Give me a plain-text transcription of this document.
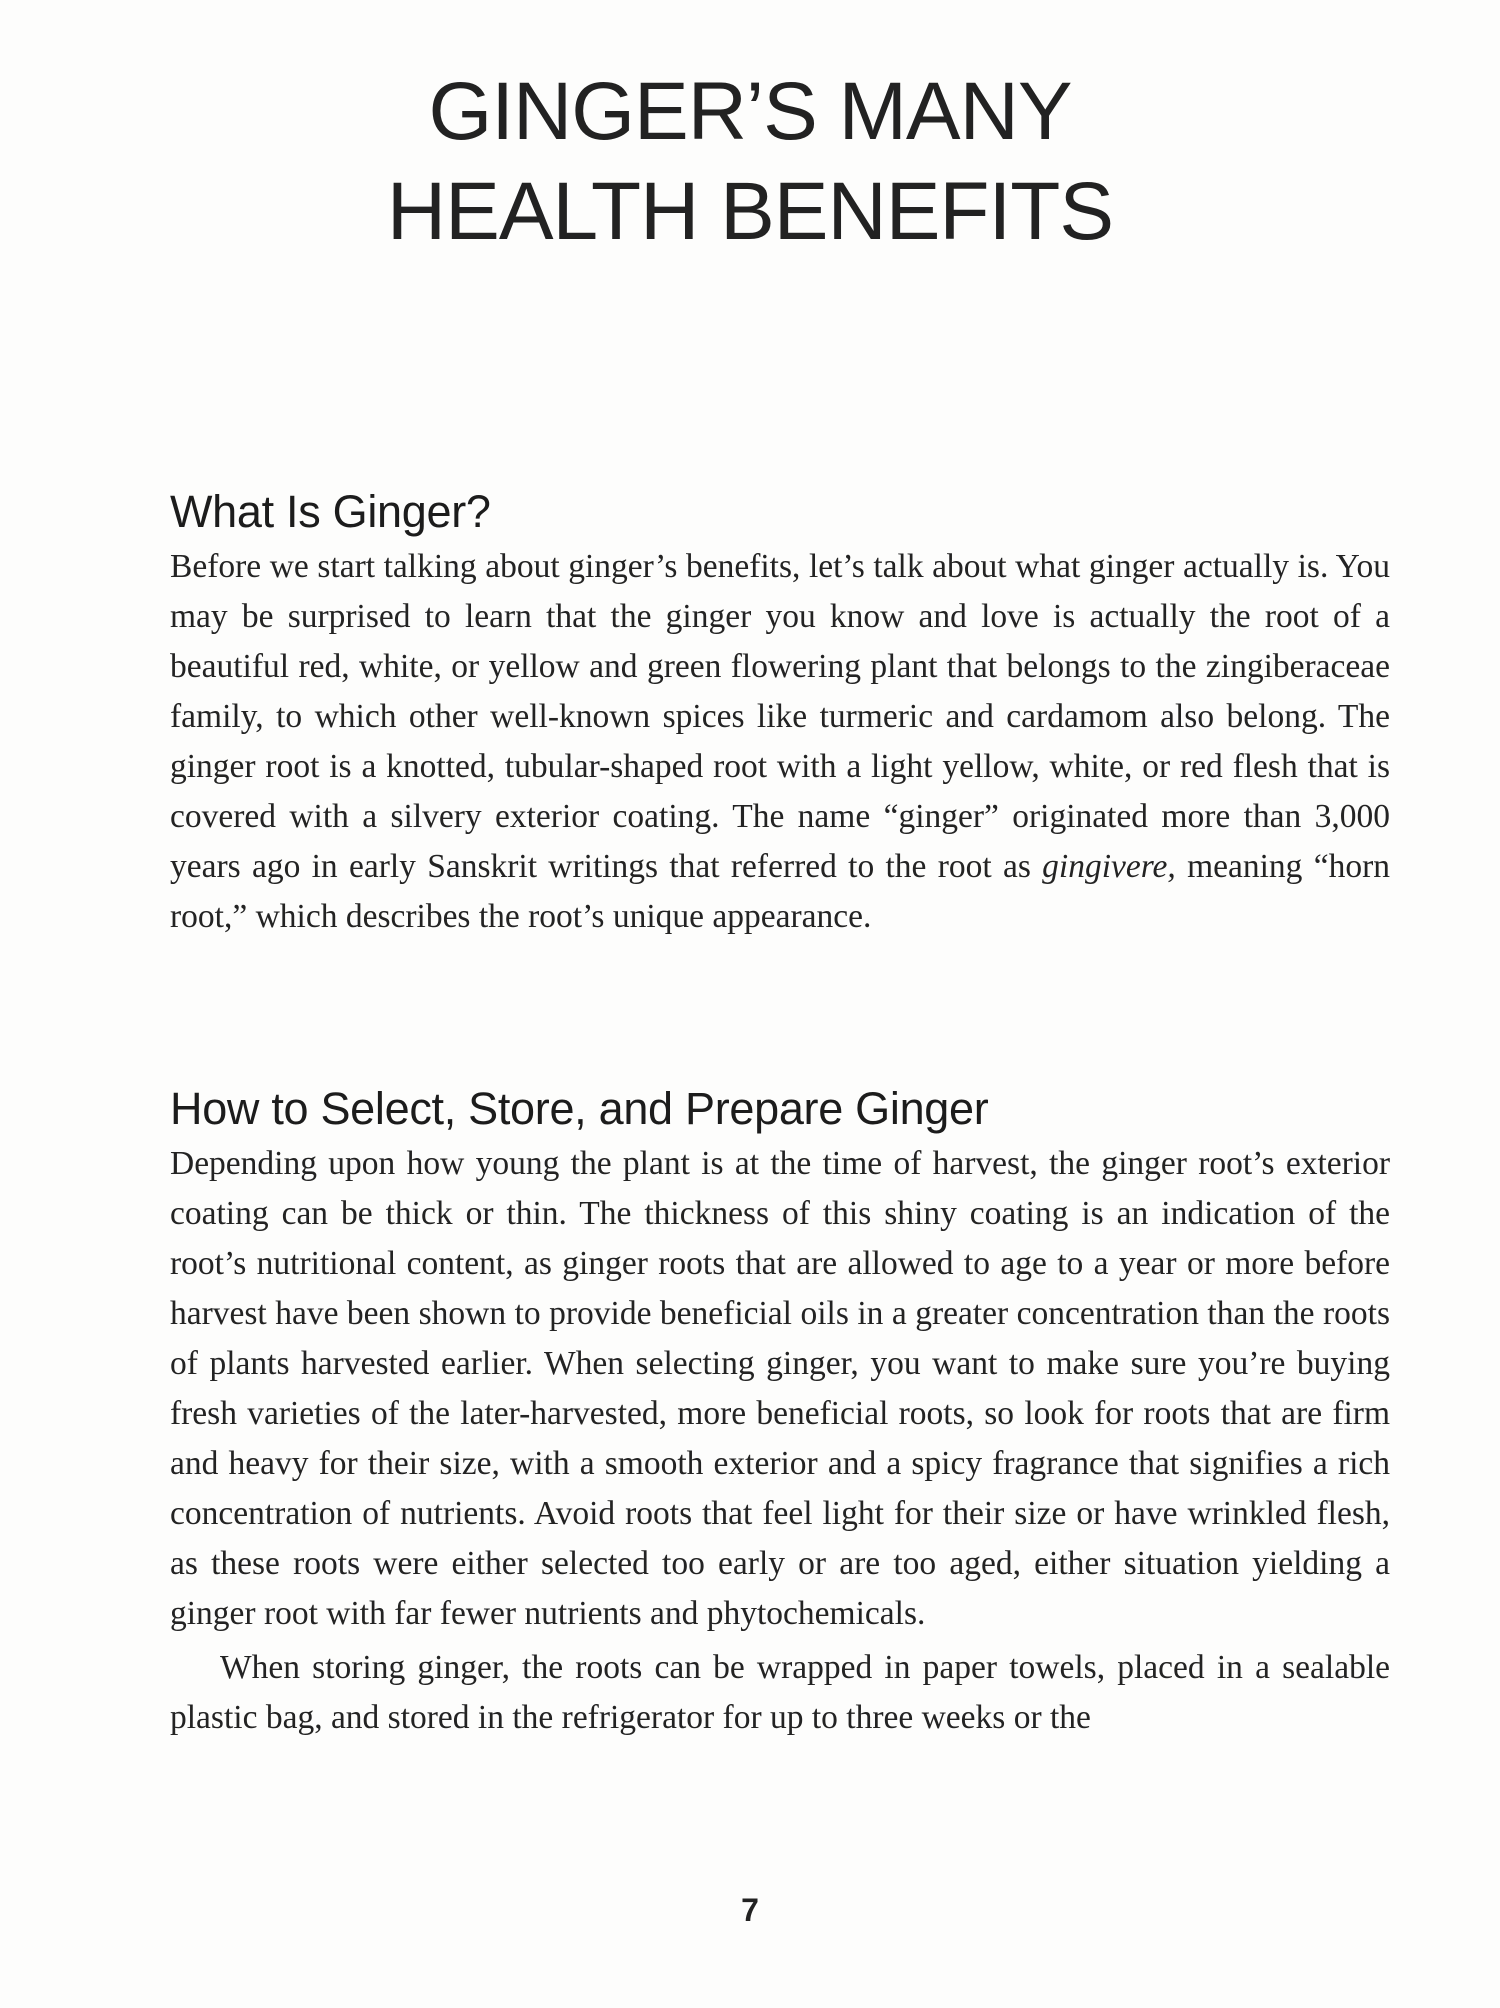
GINGER’S MANY
HEALTH BENEFITS
What Is Ginger?

Before we start talking about ginger’s benefits, let’s talk about what ginger actually is. You may be surprised to learn that the ginger you know and love is actually the root of a beautiful red, white, or yellow and green flowering plant that belongs to the zingiberaceae family, to which other well-known spices like turmeric and cardamom also belong. The ginger root is a knotted, tubular-shaped root with a light yellow, white, or red flesh that is covered with a silvery exterior coating. The name “ginger” originated more than 3,000 years ago in early Sanskrit writings that referred to the root as gingivere, meaning “horn root,” which describes the root’s unique appearance.

How to Select, Store, and Prepare Ginger

Depending upon how young the plant is at the time of harvest, the ginger root’s exterior coating can be thick or thin. The thickness of this shiny coating is an indication of the root’s nutritional content, as ginger roots that are allowed to age to a year or more before harvest have been shown to provide beneficial oils in a greater concentration than the roots of plants harvested earlier. When selecting ginger, you want to make sure you’re buying fresh varieties of the later-harvested, more beneficial roots, so look for roots that are firm and heavy for their size, with a smooth exterior and a spicy fragrance that signifies a rich concentration of nutrients. Avoid roots that feel light for their size or have wrinkled flesh, as these roots were either selected too early or are too aged, either situation yielding a ginger root with far fewer nutrients and phytochemicals.

When storing ginger, the roots can be wrapped in paper towels, placed in a sealable plastic bag, and stored in the refrigerator for up to three weeks or the

7
